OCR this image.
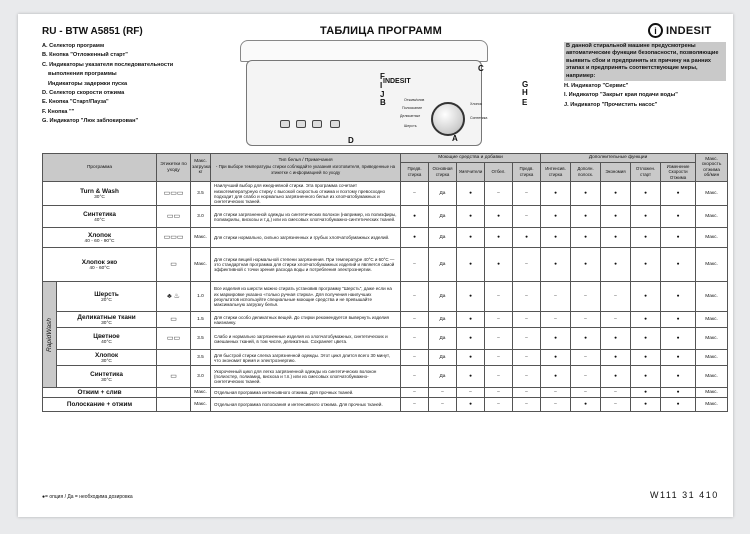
RU - BTW A5851 (RF)	ТАБЛИЦА ПРОГРАММ	i INDESIT
A. Селектор программ
B. Кнопка "Отложенный старт"
C. Индикаторы указателя последовательности
выполнения программы
Индикаторы задержки пуска
D. Селектор скорости отжима
E. Кнопка "Старт/Пауза"
F. Кнопка ""
G. Индикатор "Люк заблокирован"
INDESIT
Отжим/слив
Полоскание
Хлопок
Деликатные
Шерсть
Синтетика
A
B
C
D
E
F
G
H
I
J
В данной стиральной машине предусмотрены автоматические функции безопасности, позволяющие выявить сбои и предпринять их причину на ранних этапах и предпринять соответствующие меры, например:
H. Индикатор "Сервис"
I. Индикатор "Закрыт края подачи воды"
J. Индикатор "Прочистить насос"
Программа		Этикетки по уходу	Макс. загрузка
кг	Тип белья / Примечания
- При выборе температуры стирки соблюдайте указания изготовителя, приведенные на этикетке с информацией по уходу	Моющие средства и добавки					Дополнительные функции					Макс. скорость отжима
об/мин
					Предв. стирка	Основная стирка	Умягчители	Отбел.	Предв. стирка	Интенсив. стирка	Дополн. полоск.	Экономия	Отложен. старт	Изменение Скорости Отжима	

Turn & Wash
30°C		▭▭▭	3.5	Наилучший выбор для ежедневной стирки. Эта программа сочетает низкотемпературную стирку с высокой скоростью отжима и поэтому превосходно подходит для слабо и нормально загрязненного белья из хлопчатобумажных и синтетических тканей.	–	Да	●	–	–	●	●	●	●	●	Макс.

Синтетика
40°C		▭▭	3.0	Для стирки загрязненной одежды из синтетических волокон (например, из полиэфиры, полиакрилы, вискозы и т.д.) или из смесовых хлопчатобумажно-синтетических тканей.	●	Да	●	●	–	●	●	●	●	●	Макс.

Хлопок
40 - 60 - 90°C		▭▭▭	Макс.	Для стирки нормально, сильно загрязненных и грубых хлопчатобумажных изделий.	●	Да	●	●	●	●	●	●	●	●	Макс.

Хлопок эко
40 - 60°C		▭	Макс.	Для стирки вещей нормальной степени загрязнения. При температуре 40°C и 60°C — это стандартная программа для стирки хлопчатобумажных изделий и является самой эффективной с точки зрения расхода воды и потребления электроэнергии.	–	Да	●	●	–	●	●	●	●	●	Макс.
RapidWash	Шерсть
20°C	♣ ♨	1.0	Все изделия из шерсти можно стирать установив программу "Шерсть", даже если на их маркировке указано «только ручная стирка». Для получения наилучших результатов используйте специальные моющие средства и не превышайте максимальную загрузку белья.	–	Да	●	–	–	–	–	–	●	●	Макс.

	Деликатные ткани
30°C	▭	1.5	Для стирки особо деликатных вещей. До стирки рекомендуется вывернуть изделия наизнанку.	–	Да	●	–	–	–	–	–	●	●	Макс.

	Цветное
40°C	▭▭	3.5	Слабо и нормально загрязненные изделия из хлопчатобумажных, синтетических и смешанных тканей, в том числе, деликатных. Сохраняет цвета.	–	Да	●	–	–	●	●	●	●	●	Макс.

	Хлопок
30°C		3.5	Для быстрой стирки слегка загрязненной одежды. Этот цикл длится всего 30 минут, что экономит время и электроэнергию.	–	Да	●	–	–	●	–	●	●	●	Макс.

	Синтетика
30°C	▭	3.0	Укороченный цикл для легко загрязненной одежды из синтетических волокон (полиэстер, полиамид, вискоза и т.п.) или из смесовых хлопчатобумажно-синтетических тканей.	–	Да	●	–	–	●	–	●	●	●	Макс.

Отжим + слив			Макс.	Отдельная программа интенсивного отжима. Для прочных тканей.	–	–	–	–	–	–	–	–	●	●	Макс.

Полоскание + отжим			Макс.	Отдельная программа полоскания и интенсивного отжима. Для прочных тканей.	–	–	●	–	–	–	●	–	●	●	Макс.
●= опция / Да = необходима дозировка	W111 31 410
